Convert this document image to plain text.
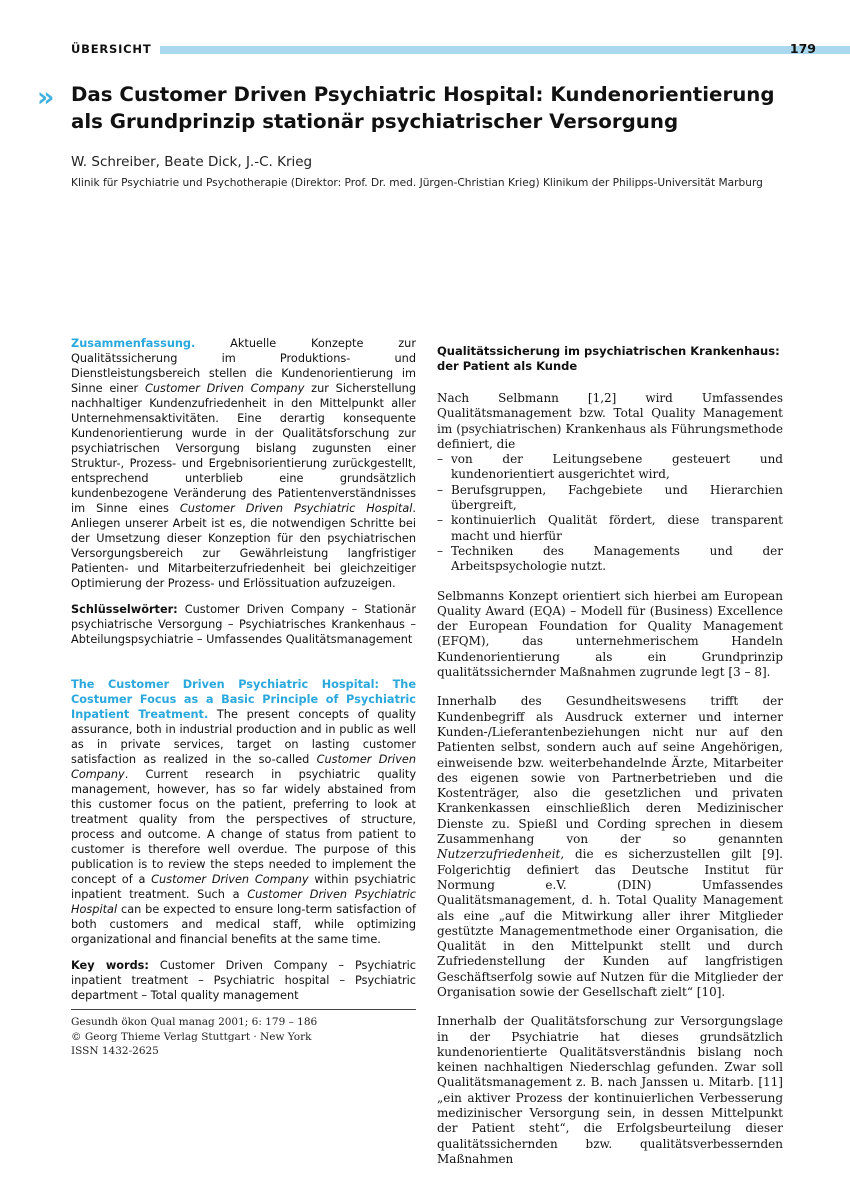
ÜBERSICHT	179
» Das Customer Driven Psychiatric Hospital: Kundenorientierung als Grundprinzip stationär psychiatrischer Versorgung
W. Schreiber, Beate Dick, J.-C. Krieg
Klinik für Psychiatrie und Psychotherapie (Direktor: Prof. Dr. med. Jürgen-Christian Krieg) Klinikum der Philipps-Universität Marburg

Zusammenfassung. Aktuelle Konzepte zur Qualitätssicherung im Produktions- und Dienstleistungsbereich stellen die Kundenorientierung im Sinne einer Customer Driven Company zur Sicherstellung nachhaltiger Kundenzufriedenheit in den Mittelpunkt aller Unternehmensaktivitäten. Eine derartig konsequente Kundenorientierung wurde in der Qualitätsforschung zur psychiatrischen Versorgung bislang zugunsten einer Struktur-, Prozess- und Ergebnisorientierung zurückgestellt, entsprechend unterblieb eine grundsätzlich kundenbezogene Veränderung des Patientenverständnisses im Sinne eines Customer Driven Psychiatric Hospital. Anliegen unserer Arbeit ist es, die notwendigen Schritte bei der Umsetzung dieser Konzeption für den psychiatrischen Versorgungsbereich zur Gewährleistung langfristiger Patienten- und Mitarbeiterzufriedenheit bei gleichzeitiger Optimierung der Prozess- und Erlössituation aufzuzeigen.

Schlüsselwörter: Customer Driven Company – Stationär psychiatrische Versorgung – Psychiatrisches Krankenhaus – Abteilungspsychiatrie – Umfassendes Qualitätsmanagement

The Customer Driven Psychiatric Hospital: The Costumer Focus as a Basic Principle of Psychiatric Inpatient Treatment. The present concepts of quality assurance, both in industrial production and in public as well as in private services, target on lasting customer satisfaction as realized in the so-called Customer Driven Company. Current research in psychiatric quality management, however, has so far widely abstained from this customer focus on the patient, preferring to look at treatment quality from the perspectives of structure, process and outcome. A change of status from patient to customer is therefore well overdue. The purpose of this publication is to review the steps needed to implement the concept of a Customer Driven Company within psychiatric inpatient treatment. Such a Customer Driven Psychiatric Hospital can be expected to ensure long-term satisfaction of both customers and medical staff, while optimizing organizational and financial benefits at the same time.

Key words: Customer Driven Company – Psychiatric inpatient treatment – Psychiatric hospital – Psychiatric department – Total quality management

Gesundh ökon Qual manag 2001; 6: 179 – 186
© Georg Thieme Verlag Stuttgart · New York
ISSN 1432-2625
Qualitätssicherung im psychiatrischen Krankenhaus: der Patient als Kunde

Nach Selbmann [1,2] wird Umfassendes Qualitätsmanagement bzw. Total Quality Management im (psychiatrischen) Krankenhaus als Führungsmethode definiert, die

– von der Leitungsebene gesteuert und kundenorientiert ausgerichtet wird,
– Berufsgruppen, Fachgebiete und Hierarchien übergreift,
– kontinuierlich Qualität fördert, diese transparent macht und hierfür
– Techniken des Managements und der Arbeitspsychologie nutzt.

Selbmanns Konzept orientiert sich hierbei am European Quality Award (EQA) – Modell für (Business) Excellence der European Foundation for Quality Management (EFQM), das unternehmerischem Handeln Kundenorientierung als ein Grundprinzip qualitätssichernder Maßnahmen zugrunde legt [3 – 8].

Innerhalb des Gesundheitswesens trifft der Kundenbegriff als Ausdruck externer und interner Kunden-/Lieferantenbeziehungen nicht nur auf den Patienten selbst, sondern auch auf seine Angehörigen, einweisende bzw. weiterbehandelnde Ärzte, Mitarbeiter des eigenen sowie von Partnerbetrieben und die Kostenträger, also die gesetzlichen und privaten Krankenkassen einschließlich deren Medizinischer Dienste zu. Spießl und Cording sprechen in diesem Zusammenhang von der so genannten Nutzerzufriedenheit, die es sicherzustellen gilt [9]. Folgerichtig definiert das Deutsche Institut für Normung e.V. (DIN) Umfassendes Qualitätsmanagement, d. h. Total Quality Management als eine „auf die Mitwirkung aller ihrer Mitglieder gestützte Managementmethode einer Organisation, die Qualität in den Mittelpunkt stellt und durch Zufriedenstellung der Kunden auf langfristigen Geschäftserfolg sowie auf Nutzen für die Mitglieder der Organisation sowie der Gesellschaft zielt“ [10].

Innerhalb der Qualitätsforschung zur Versorgungslage in der Psychiatrie hat dieses grundsätzlich kundenorientierte Qualitätsverständnis bislang noch keinen nachhaltigen Niederschlag gefunden. Zwar soll Qualitätsmanagement z. B. nach Janssen u. Mitarb. [11] „ein aktiver Prozess der kontinuierlichen Verbesserung medizinischer Versorgung sein, in dessen Mittelpunkt der Patient steht“, die Erfolgsbeurteilung dieser qualitätssichernden bzw. qualitätsverbessernden Maßnahmen
